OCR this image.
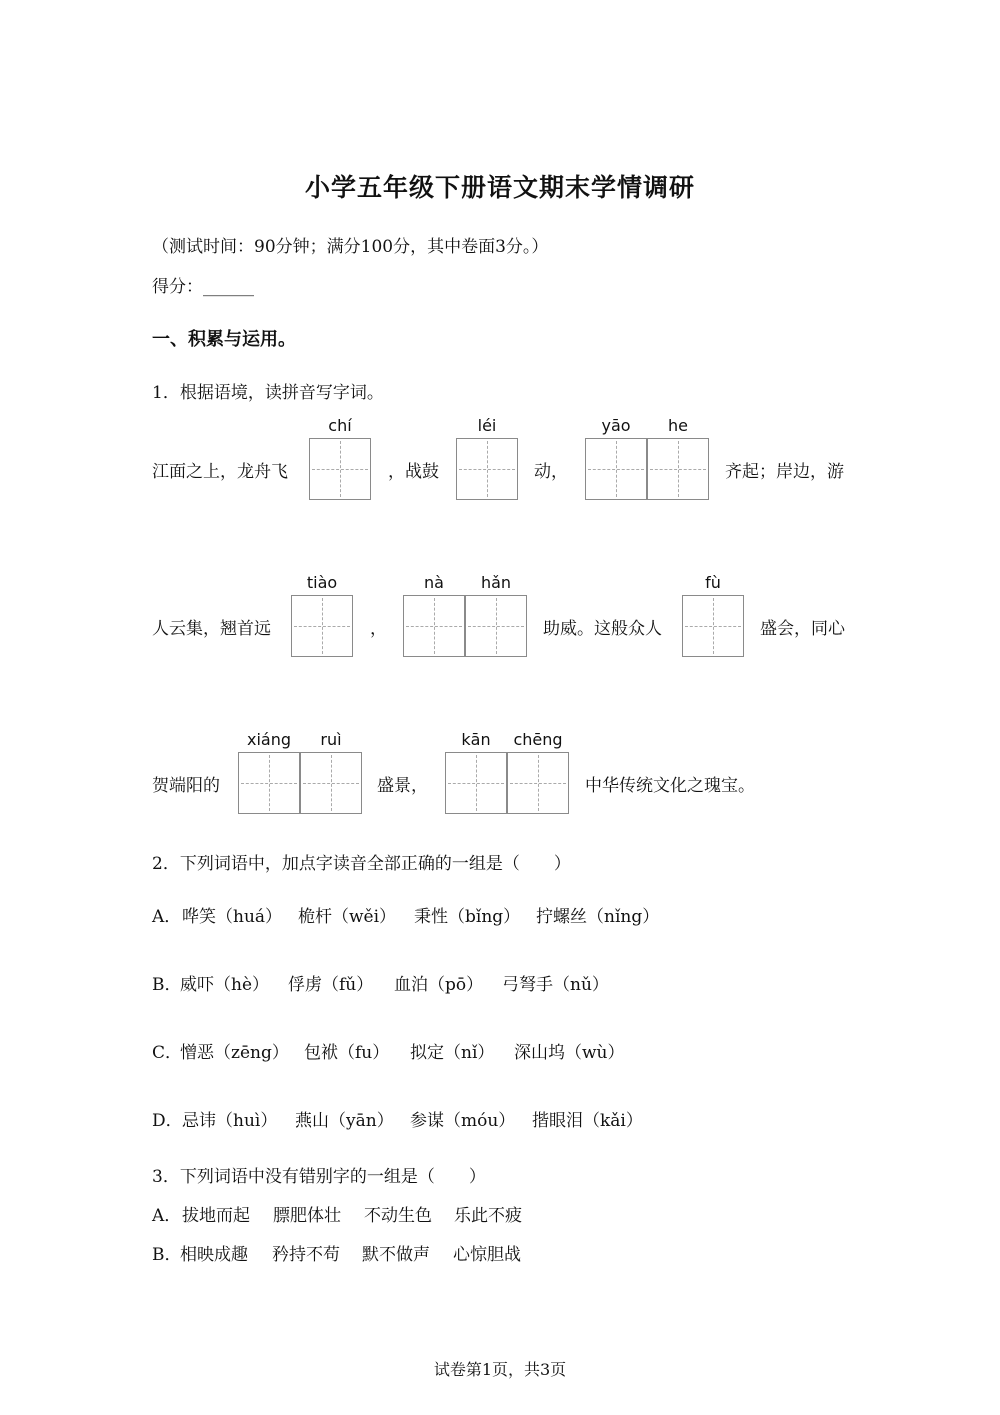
小学五年级下册语文期末学情调研
（测试时间：90分钟；满分100分，其中卷面3分。）
得分：______
一、积累与运用。
1．根据语境，读拼音写字词。
江面之上，龙舟飞
chí
，战鼓
léi
动，
yāo	he
齐起；岸边，游
人云集，翘首远
tiào
，
nà	hǎn
助威。这般众人
fù
盛会，同心
贺端阳的
xiáng	ruì
盛景，
kān	chēng
中华传统文化之瑰宝。
2．下列词语中，加点字读音全部正确的一组是（　　）
A． 哗笑（huá） 桅杆（wěi） 秉性（bǐng） 拧螺丝（nǐng）
B．
威吓（hè） 俘虏（fǔ） 血泊（pō） 弓弩手（nǔ）
C．
憎恶（zēng） 包袱（fu） 拟定（nǐ） 深山坞（wù）
D． 忌讳（huì） 燕山（yān） 参谋（móu） 揩眼泪（kǎi）
3．下列词语中没有错别字的一组是（　　）
A． 拔地而起 膘肥体壮 不动生色 乐此不疲
B．
相映成趣 矜持不苟 默不做声 心惊胆战
试卷第1页，共3页
